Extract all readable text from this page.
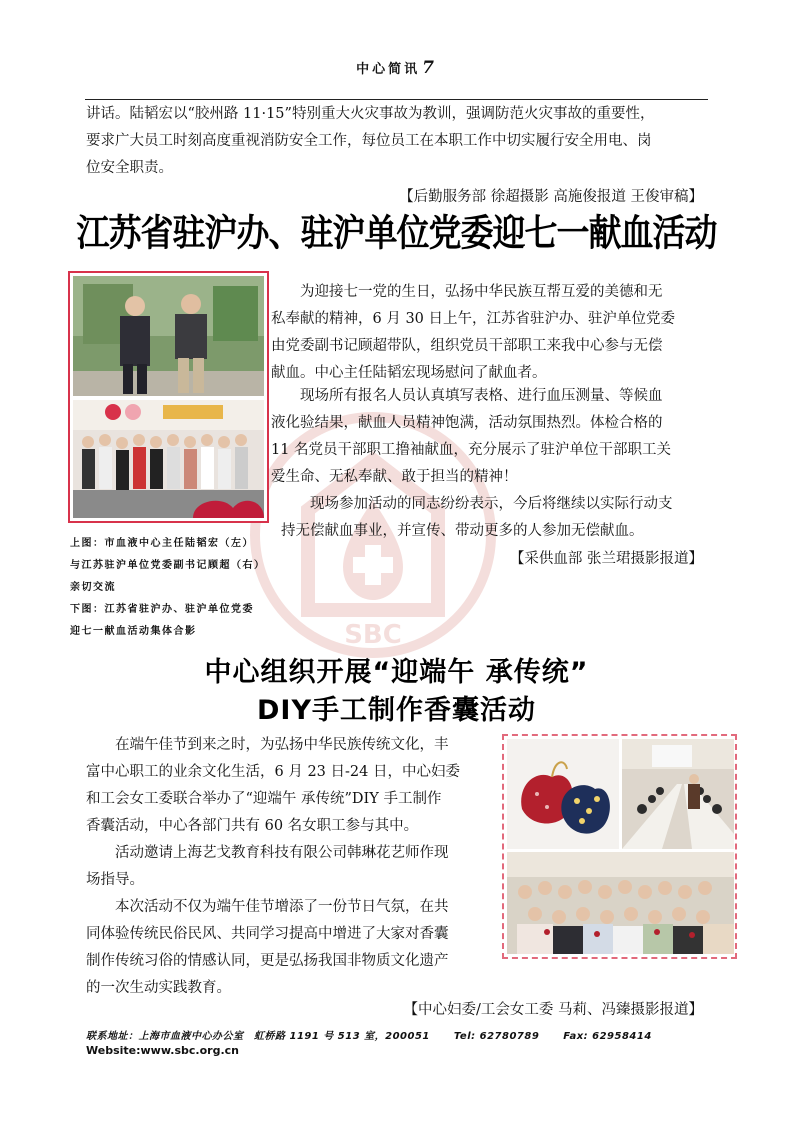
中心简讯 7
SBC
讲话。陆韬宏以“胶州路 11·15”特别重大火灾事故为教训，强调防范火灾事故的重要性，
要求广大员工时刻高度重视消防安全工作，每位员工在本职工作中切实履行安全用电、岗
位安全职责。
【后勤服务部 徐超摄影 高施俊报道 王俊审稿】
江苏省驻沪办、驻沪单位党委迎七一献血活动
为迎接七一党的生日，弘扬中华民族互帮互爱的美德和无
私奉献的精神，6 月 30 日上午，江苏省驻沪办、驻沪单位党委
由党委副书记顾超带队，组织党员干部职工来我中心参与无偿
献血。中心主任陆韬宏现场慰问了献血者。
现场所有报名人员认真填写表格、进行血压测量、等候血
液化验结果，献血人员精神饱满，活动氛围热烈。体检合格的
11 名党员干部职工撸袖献血，充分展示了驻沪单位干部职工关
爱生命、无私奉献、敢于担当的精神！
现场参加活动的同志纷纷表示，今后将继续以实际行动支
持无偿献血事业，并宣传、带动更多的人参加无偿献血。
【采供血部 张兰珺摄影报道】
上图：市血液中心主任陆韬宏（左）
与江苏驻沪单位党委副书记顾超（右）
亲切交流
下图：江苏省驻沪办、驻沪单位党委
迎七一献血活动集体合影
中心组织开展“迎端午 承传统”
DIY手工制作香囊活动
在端午佳节到来之时，为弘扬中华民族传统文化，丰
富中心职工的业余文化生活，6 月 23 日-24 日，中心妇委
和工会女工委联合举办了“迎端午 承传统”DIY 手工制作
香囊活动，中心各部门共有 60 名女职工参与其中。
活动邀请上海艺戈教育科技有限公司韩琳花艺师作现
场指导。
本次活动不仅为端午佳节增添了一份节日气氛，在共
同体验传统民俗民风、共同学习提高中增进了大家对香囊
制作传统习俗的情感认同，更是弘扬我国非物质文化遗产
的一次生动实践教育。
【中心妇委/工会女工委 马莉、冯臻摄影报道】
联系地址：上海市血液中心办公室　虹桥路 1191 号 513 室，200051 Tel: 62780789 Fax: 62958414
Website:www.sbc.org.cn
